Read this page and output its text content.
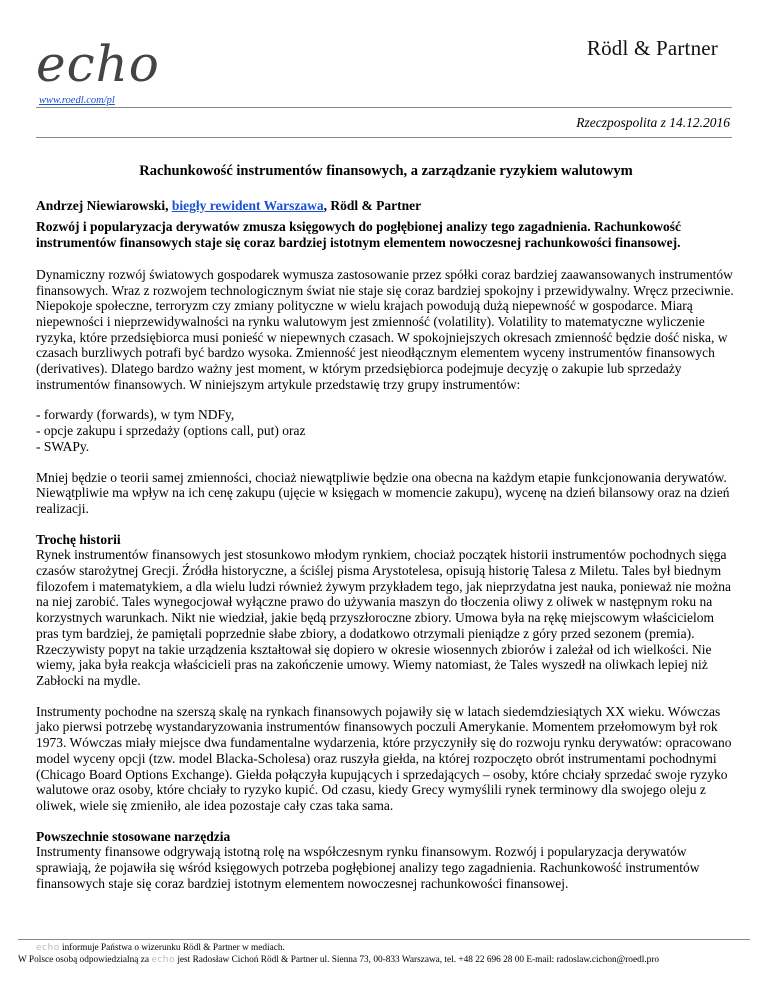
echo
www.roedl.com/pl
Rödl & Partner
Rzeczpospolita z 14.12.2016
Rachunkowość instrumentów finansowych, a zarządzanie ryzykiem walutowym
Andrzej Niewiarowski, biegły rewident Warszawa, Rödl & Partner
Rozwój i popularyzacja derywatów zmusza księgowych do pogłębionej analizy tego zagadnienia. Rachunkowość instrumentów finansowych staje się coraz bardziej istotnym elementem nowoczesnej rachunkowości finansowej.
Dynamiczny rozwój światowych gospodarek wymusza zastosowanie przez spółki coraz bardziej zaawansowanych instrumentów finansowych. Wraz z rozwojem technologicznym świat nie staje się coraz bardziej spokojny i przewidywalny. Wręcz przeciwnie. Niepokoje społeczne, terroryzm czy zmiany polityczne w wielu krajach powodują dużą niepewność w gospodarce. Miarą niepewności i nieprzewidywalności na rynku walutowym jest zmienność (volatility). Volatility to matematyczne wyliczenie ryzyka, które przedsiębiorca musi ponieść w niepewnych czasach. W spokojniejszych okresach zmienność będzie dość niska, w czasach burzliwych potrafi być bardzo wysoka. Zmienność jest nieodłącznym elementem wyceny instrumentów finansowych (derivatives). Dlatego bardzo ważny jest moment, w którym przedsiębiorca podejmuje decyzję o zakupie lub sprzedaży instrumentów finansowych. W niniejszym artykule przedstawię trzy grupy instrumentów:
- forwardy (forwards), w tym NDFy,
- opcje zakupu i sprzedaży (options call, put) oraz
- SWAPy.
Mniej będzie o teorii samej zmienności, chociaż niewątpliwie będzie ona obecna na każdym etapie funkcjonowania derywatów. Niewątpliwie ma wpływ na ich cenę zakupu (ujęcie w księgach w momencie zakupu), wycenę na dzień bilansowy oraz na dzień realizacji.
Trochę historii
Rynek instrumentów finansowych jest stosunkowo młodym rynkiem, chociaż początek historii instrumentów pochodnych sięga czasów starożytnej Grecji. Źródła historyczne, a ściślej pisma Arystotelesa, opisują historię Talesa z Miletu. Tales był biednym filozofem i matematykiem, a dla wielu ludzi również żywym przykładem tego, jak nieprzydatna jest nauka, ponieważ nie można na niej zarobić. Tales wynegocjował wyłączne prawo do używania maszyn do tłoczenia oliwy z oliwek w następnym roku na korzystnych warunkach. Nikt nie wiedział, jakie będą przyszłoroczne zbiory. Umowa była na rękę miejscowym właścicielom pras tym bardziej, że pamiętali poprzednie słabe zbiory, a dodatkowo otrzymali pieniądze z góry przed sezonem (premia). Rzeczywisty popyt na takie urządzenia kształtował się dopiero w okresie wiosennych zbiorów i zależał od ich wielkości. Nie wiemy, jaka była reakcja właścicieli pras na zakończenie umowy. Wiemy natomiast, że Tales wyszedł na oliwkach lepiej niż Zabłocki na mydle.
Instrumenty pochodne na szerszą skalę na rynkach finansowych pojawiły się w latach siedemdziesiątych XX wieku. Wówczas jako pierwsi potrzebę wystandaryzowania instrumentów finansowych poczuli Amerykanie. Momentem przełomowym był rok 1973. Wówczas miały miejsce dwa fundamentalne wydarzenia, które przyczyniły się do rozwoju rynku derywatów: opracowano model wyceny opcji (tzw. model Blacka-Scholesa) oraz ruszyła giełda, na której rozpoczęto obrót instrumentami pochodnymi (Chicago Board Options Exchange). Giełda połączyła kupujących i sprzedających – osoby, które chciały sprzedać swoje ryzyko walutowe oraz osoby, które chciały to ryzyko kupić. Od czasu, kiedy Grecy wymyślili rynek terminowy dla swojego oleju z oliwek, wiele się zmieniło, ale idea pozostaje cały czas taka sama.
Powszechnie stosowane narzędzia
Instrumenty finansowe odgrywają istotną rolę na współczesnym rynku finansowym. Rozwój i popularyzacja derywatów sprawiają, że pojawiła się wśród księgowych potrzeba pogłębionej analizy tego zagadnienia. Rachunkowość instrumentów finansowych staje się coraz bardziej istotnym elementem nowoczesnej rachunkowości finansowej.
echo informuje Państwa o wizerunku Rödl & Partner w mediach.
W Polsce osobą odpowiedzialną za echo jest Radosław Cichoń Rödl & Partner ul. Sienna 73, 00-833 Warszawa, tel. +48 22 696 28 00 E-mail: radoslaw.cichon@roedl.pro
